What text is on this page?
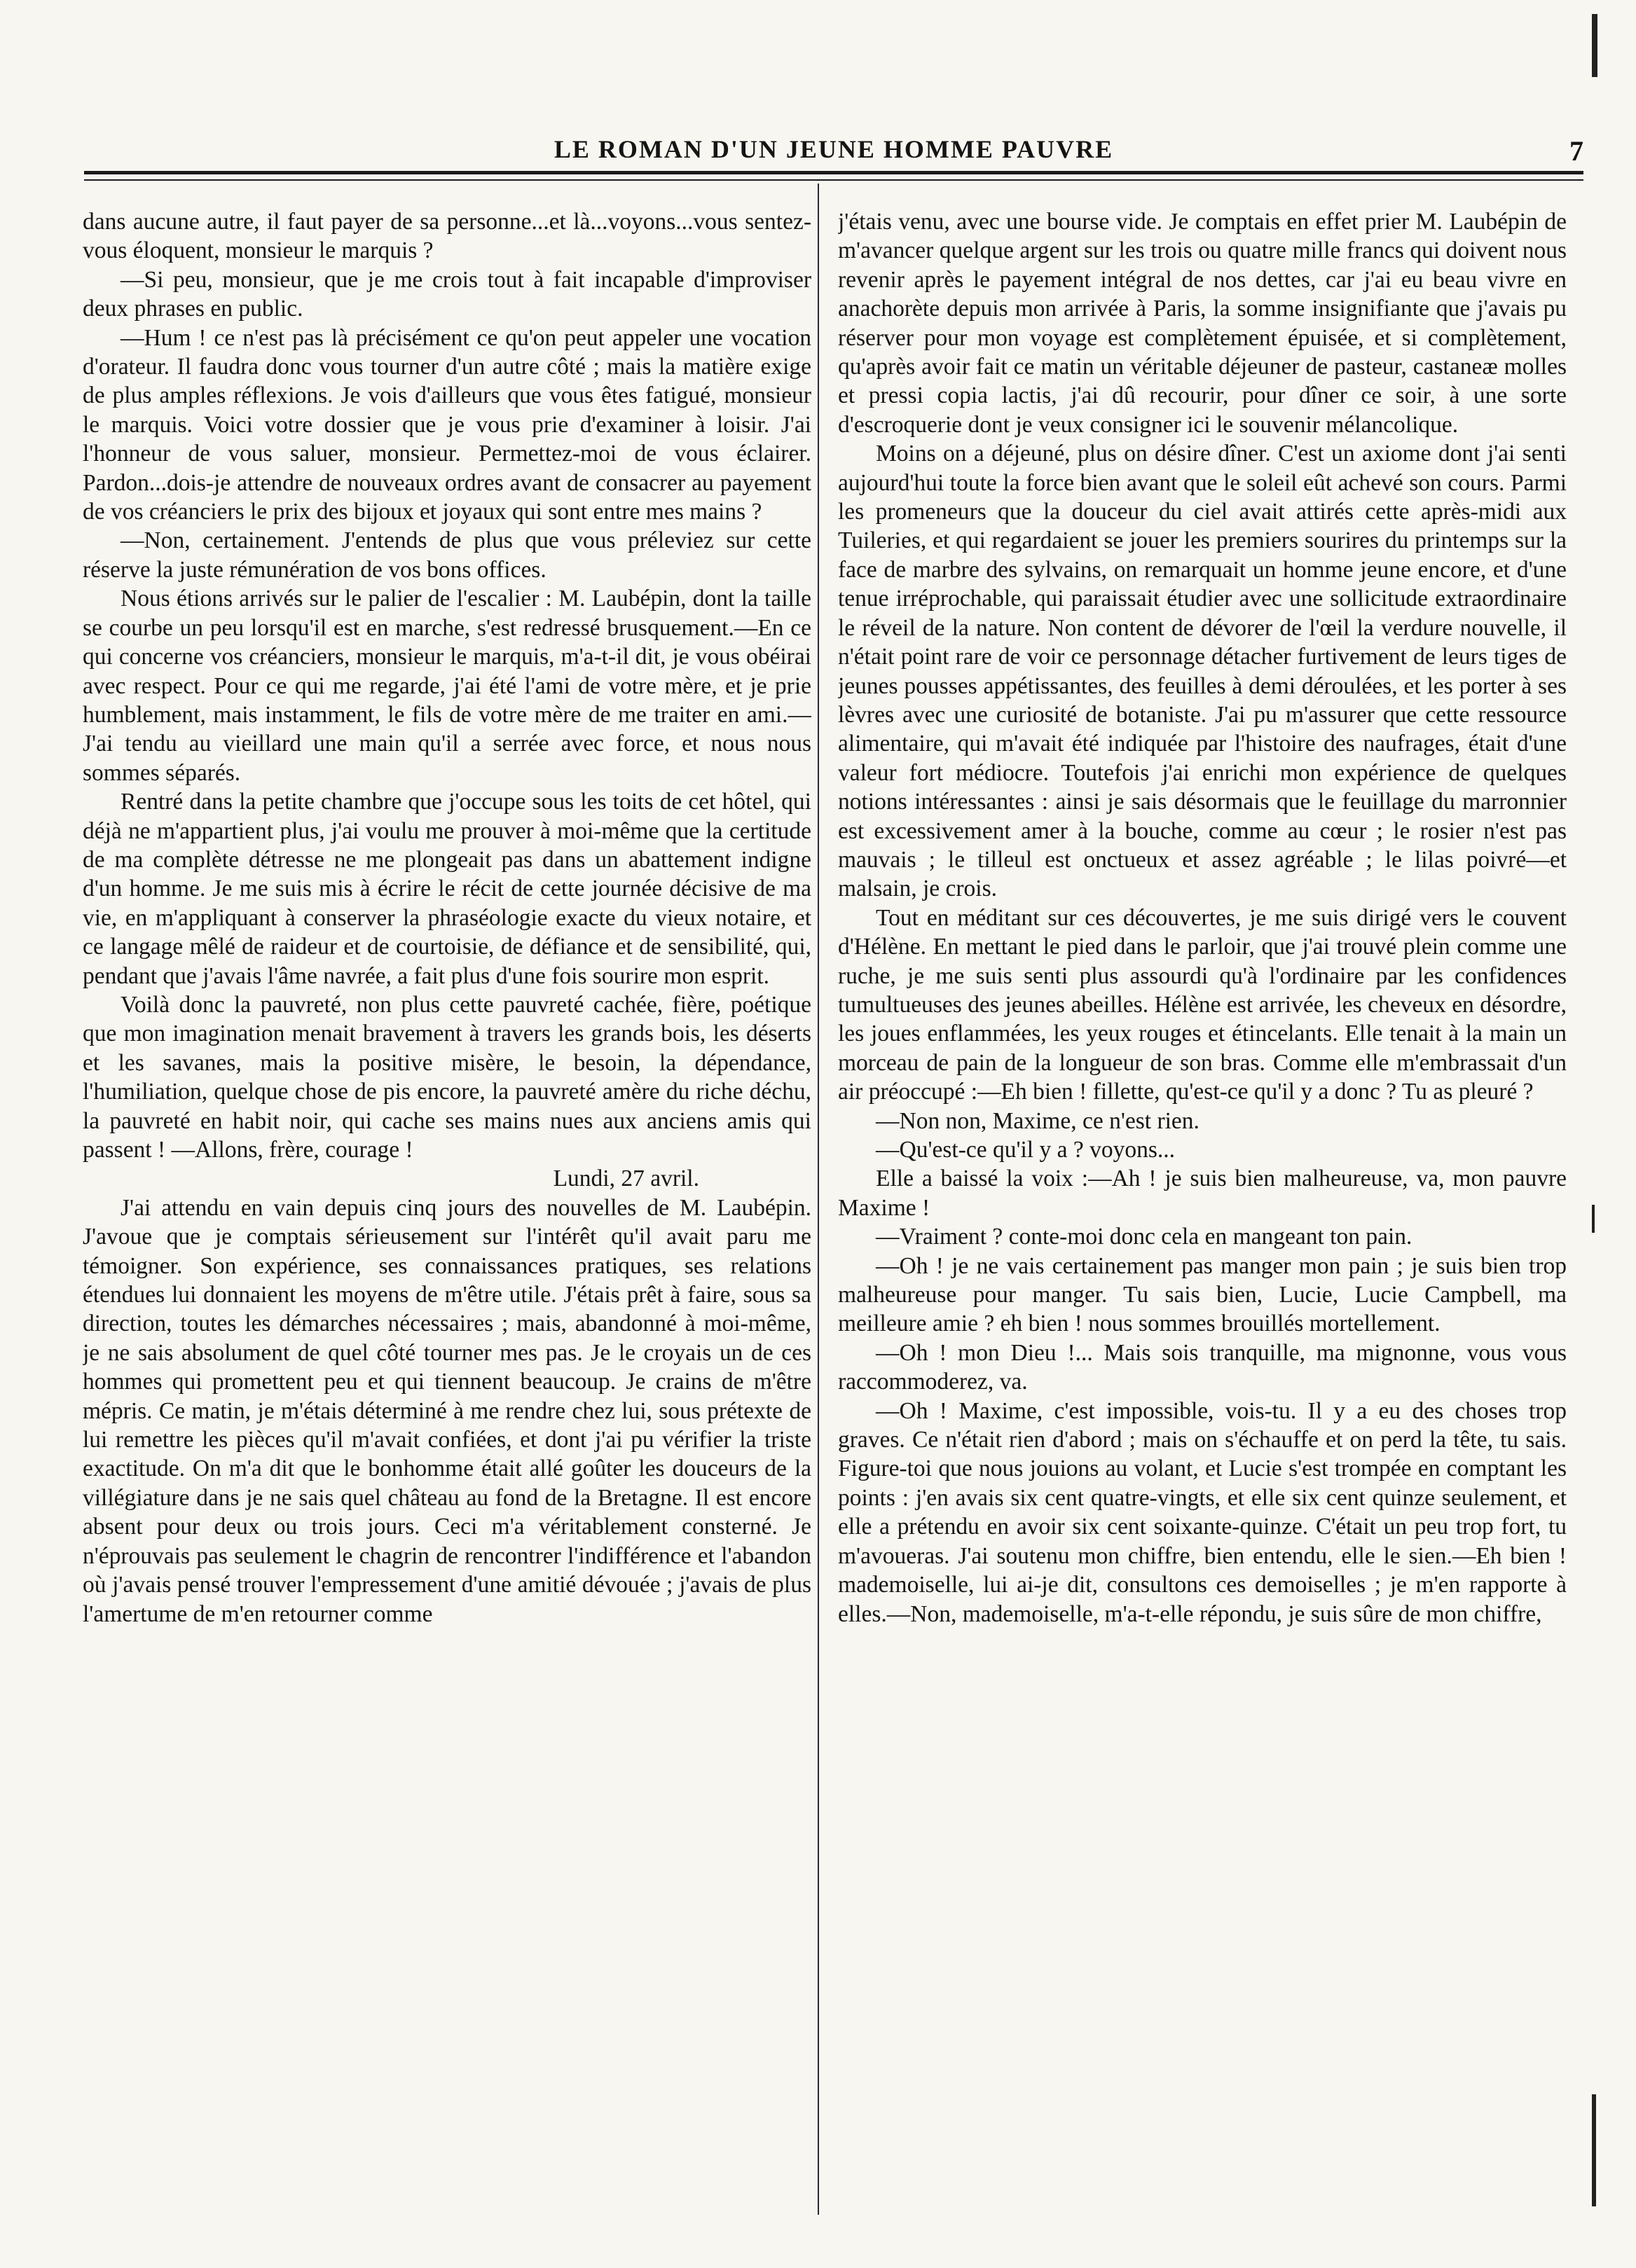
LE ROMAN D'UN JEUNE HOMME PAUVRE	7

dans aucune autre, il faut payer de sa personne...et là...voyons...vous sentez-vous éloquent, monsieur le marquis ?

—Si peu, monsieur, que je me crois tout à fait incapable d'improviser deux phrases en public.

—Hum ! ce n'est pas là précisément ce qu'on peut appeler une vocation d'orateur. Il faudra donc vous tourner d'un autre côté ; mais la matière exige de plus amples réflexions. Je vois d'ailleurs que vous êtes fatigué, monsieur le marquis. Voici votre dossier que je vous prie d'examiner à loisir. J'ai l'honneur de vous saluer, monsieur. Permettez-moi de vous éclairer. Pardon...dois-je attendre de nouveaux ordres avant de consacrer au payement de vos créanciers le prix des bijoux et joyaux qui sont entre mes mains ?

—Non, certainement. J'entends de plus que vous préleviez sur cette réserve la juste rémunération de vos bons offices.

Nous étions arrivés sur le palier de l'escalier : M. Laubépin, dont la taille se courbe un peu lorsqu'il est en marche, s'est redressé brusquement.—En ce qui concerne vos créanciers, monsieur le marquis, m'a-t-il dit, je vous obéirai avec respect. Pour ce qui me regarde, j'ai été l'ami de votre mère, et je prie humblement, mais instamment, le fils de votre mère de me traiter en ami.—J'ai tendu au vieillard une main qu'il a serrée avec force, et nous nous sommes séparés.

Rentré dans la petite chambre que j'occupe sous les toits de cet hôtel, qui déjà ne m'appartient plus, j'ai voulu me prouver à moi-même que la certitude de ma complète détresse ne me plongeait pas dans un abattement indigne d'un homme. Je me suis mis à écrire le récit de cette journée décisive de ma vie, en m'appliquant à conserver la phraséologie exacte du vieux notaire, et ce langage mêlé de raideur et de courtoisie, de défiance et de sensibilité, qui, pendant que j'avais l'âme navrée, a fait plus d'une fois sourire mon esprit.

Voilà donc la pauvreté, non plus cette pauvreté cachée, fière, poétique que mon imagination menait bravement à travers les grands bois, les déserts et les savanes, mais la positive misère, le besoin, la dépendance, l'humiliation, quelque chose de pis encore, la pauvreté amère du riche déchu, la pauvreté en habit noir, qui cache ses mains nues aux anciens amis qui passent ! —Allons, frère, courage !

Lundi, 27 avril.

J'ai attendu en vain depuis cinq jours des nouvelles de M. Laubépin. J'avoue que je comptais sérieusement sur l'intérêt qu'il avait paru me témoigner. Son expérience, ses connaissances pratiques, ses relations étendues lui donnaient les moyens de m'être utile. J'étais prêt à faire, sous sa direction, toutes les démarches nécessaires ; mais, abandonné à moi-même, je ne sais absolument de quel côté tourner mes pas. Je le croyais un de ces hommes qui promettent peu et qui tiennent beaucoup. Je crains de m'être mépris. Ce matin, je m'étais déterminé à me rendre chez lui, sous prétexte de lui remettre les pièces qu'il m'avait confiées, et dont j'ai pu vérifier la triste exactitude. On m'a dit que le bonhomme était allé goûter les douceurs de la villégiature dans je ne sais quel château au fond de la Bretagne. Il est encore absent pour deux ou trois jours. Ceci m'a véritablement consterné. Je n'éprouvais pas seulement le chagrin de rencontrer l'indifférence et l'abandon où j'avais pensé trouver l'empressement d'une amitié dévouée ; j'avais de plus l'amertume de m'en retourner comme

j'étais venu, avec une bourse vide. Je comptais en effet prier M. Laubépin de m'avancer quelque argent sur les trois ou quatre mille francs qui doivent nous revenir après le payement intégral de nos dettes, car j'ai eu beau vivre en anachorète depuis mon arrivée à Paris, la somme insignifiante que j'avais pu réserver pour mon voyage est complètement épuisée, et si complètement, qu'après avoir fait ce matin un véritable déjeuner de pasteur, castaneæ molles et pressi copia lactis, j'ai dû recourir, pour dîner ce soir, à une sorte d'escroquerie dont je veux consigner ici le souvenir mélancolique.

Moins on a déjeuné, plus on désire dîner. C'est un axiome dont j'ai senti aujourd'hui toute la force bien avant que le soleil eût achevé son cours. Parmi les promeneurs que la douceur du ciel avait attirés cette après-midi aux Tuileries, et qui regardaient se jouer les premiers sourires du printemps sur la face de marbre des sylvains, on remarquait un homme jeune encore, et d'une tenue irréprochable, qui paraissait étudier avec une sollicitude extraordinaire le réveil de la nature. Non content de dévorer de l'œil la verdure nouvelle, il n'était point rare de voir ce personnage détacher furtivement de leurs tiges de jeunes pousses appétissantes, des feuilles à demi déroulées, et les porter à ses lèvres avec une curiosité de botaniste. J'ai pu m'assurer que cette ressource alimentaire, qui m'avait été indiquée par l'histoire des naufrages, était d'une valeur fort médiocre. Toutefois j'ai enrichi mon expérience de quelques notions intéressantes : ainsi je sais désormais que le feuillage du marronnier est excessivement amer à la bouche, comme au cœur ; le rosier n'est pas mauvais ; le tilleul est onctueux et assez agréable ; le lilas poivré—et malsain, je crois.

Tout en méditant sur ces découvertes, je me suis dirigé vers le couvent d'Hélène. En mettant le pied dans le parloir, que j'ai trouvé plein comme une ruche, je me suis senti plus assourdi qu'à l'ordinaire par les confidences tumultueuses des jeunes abeilles. Hélène est arrivée, les cheveux en désordre, les joues enflammées, les yeux rouges et étincelants. Elle tenait à la main un morceau de pain de la longueur de son bras. Comme elle m'embrassait d'un air préoccupé :—Eh bien ! fillette, qu'est-ce qu'il y a donc ? Tu as pleuré ?

—Non non, Maxime, ce n'est rien.

—Qu'est-ce qu'il y a ? voyons...

Elle a baissé la voix :—Ah ! je suis bien malheureuse, va, mon pauvre Maxime !

—Vraiment ? conte-moi donc cela en mangeant ton pain.

—Oh ! je ne vais certainement pas manger mon pain ; je suis bien trop malheureuse pour manger. Tu sais bien, Lucie, Lucie Campbell, ma meilleure amie ? eh bien ! nous sommes brouillés mortellement.

—Oh ! mon Dieu !... Mais sois tranquille, ma mignonne, vous vous raccommoderez, va.

—Oh ! Maxime, c'est impossible, vois-tu. Il y a eu des choses trop graves. Ce n'était rien d'abord ; mais on s'échauffe et on perd la tête, tu sais. Figure-toi que nous jouions au volant, et Lucie s'est trompée en comptant les points : j'en avais six cent quatre-vingts, et elle six cent quinze seulement, et elle a prétendu en avoir six cent soixante-quinze. C'était un peu trop fort, tu m'avoueras. J'ai soutenu mon chiffre, bien entendu, elle le sien.—Eh bien ! mademoiselle, lui ai-je dit, consultons ces demoiselles ; je m'en rapporte à elles.—Non, mademoiselle, m'a-t-elle répondu, je suis sûre de mon chiffre,
